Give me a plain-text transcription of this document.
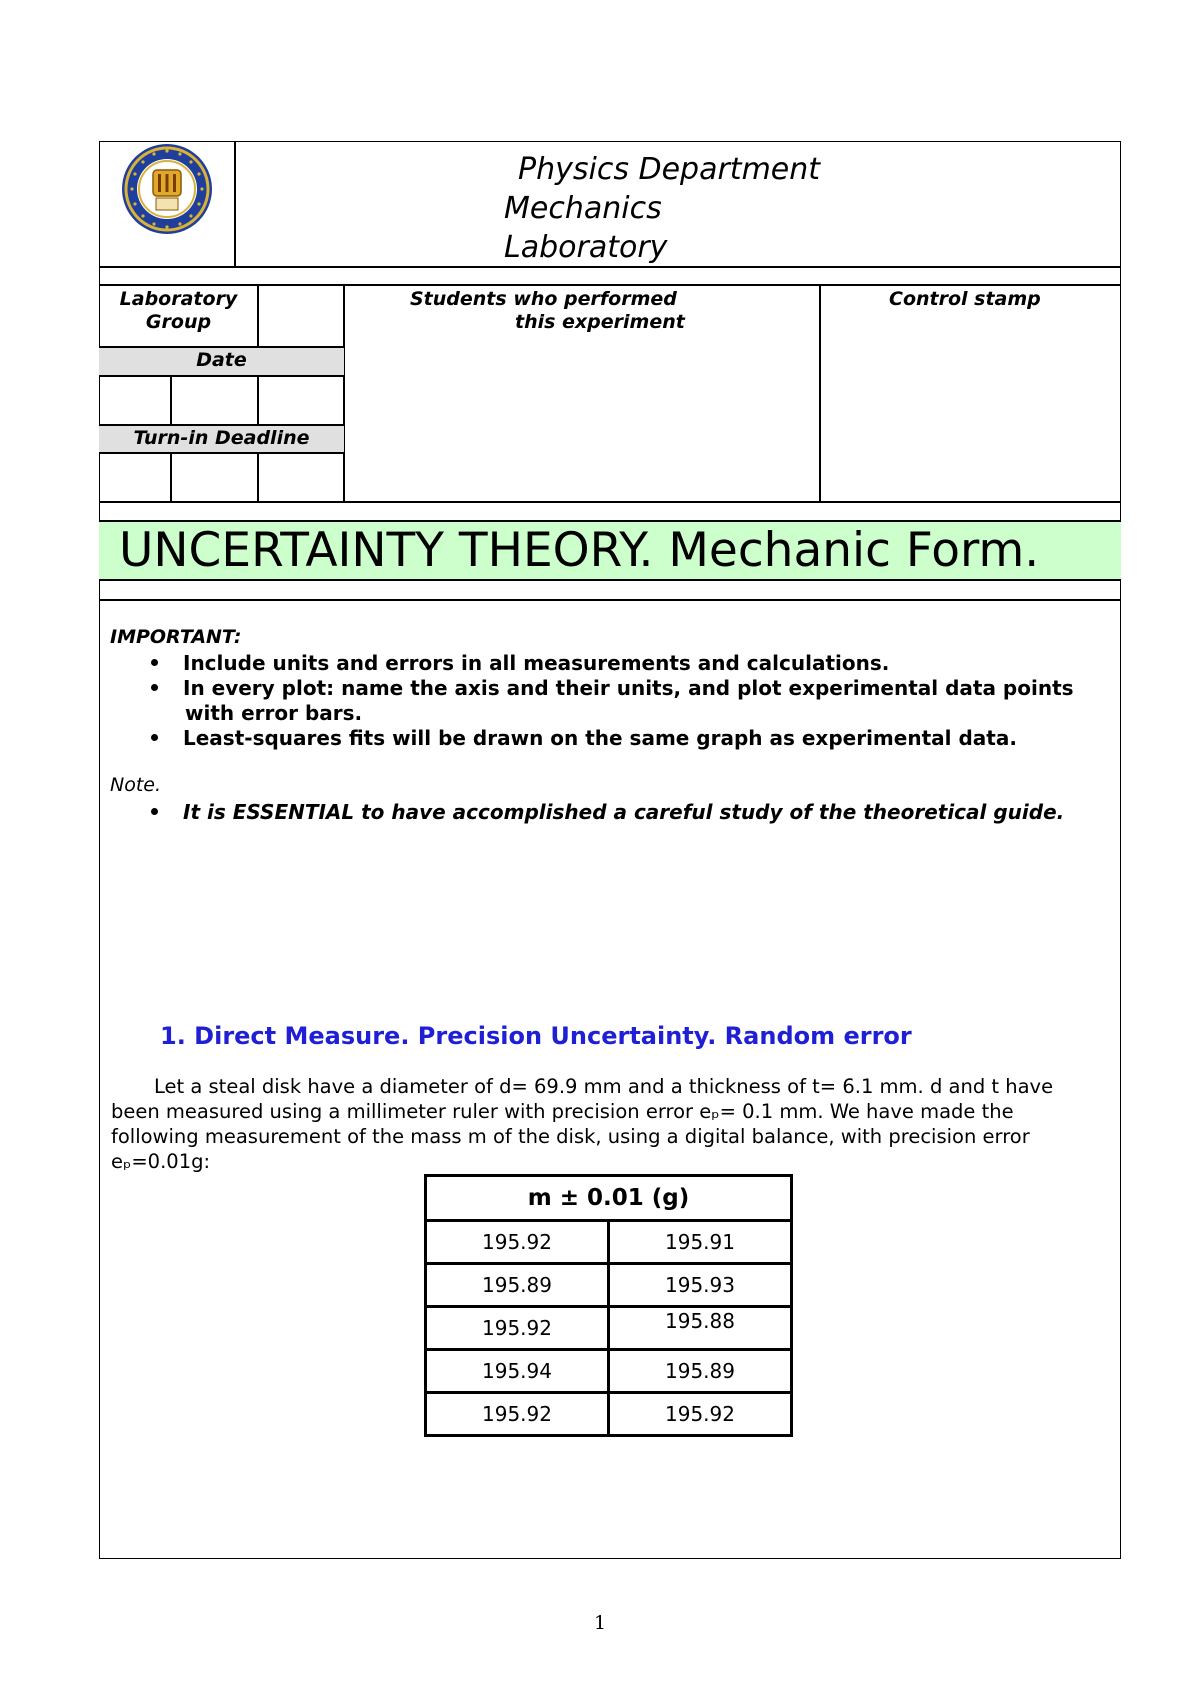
Physics Department
Mechanics
Laboratory
Laboratory
Group
Date
Turn-in Deadline
Students who performed
this experiment
Control stamp
UNCERTAINTY THEORY. Mechanic Form.
IMPORTANT:
Include units and errors in all measurements and calculations.
In every plot: name the axis and their units, and plot experimental data points
with error bars.
Least-squares fits will be drawn on the same graph as experimental data.
Note.
It is ESSENTIAL to have accomplished a careful study of the theoretical guide.
1. Direct Measure. Precision Uncertainty. Random error
Let a steal disk have a diameter of d= 69.9 mm and a thickness of t= 6.1 mm. d and t have
been measured using a millimeter ruler with precision error eₚ= 0.1 mm. We have made the
following measurement of the mass m of the disk, using a digital balance, with precision error
eₚ=0.01g:
m ± 0.01 (g)	
195.92	195.91
195.89	195.93
195.92	195.88
195.94	195.89
195.92	195.92
1
